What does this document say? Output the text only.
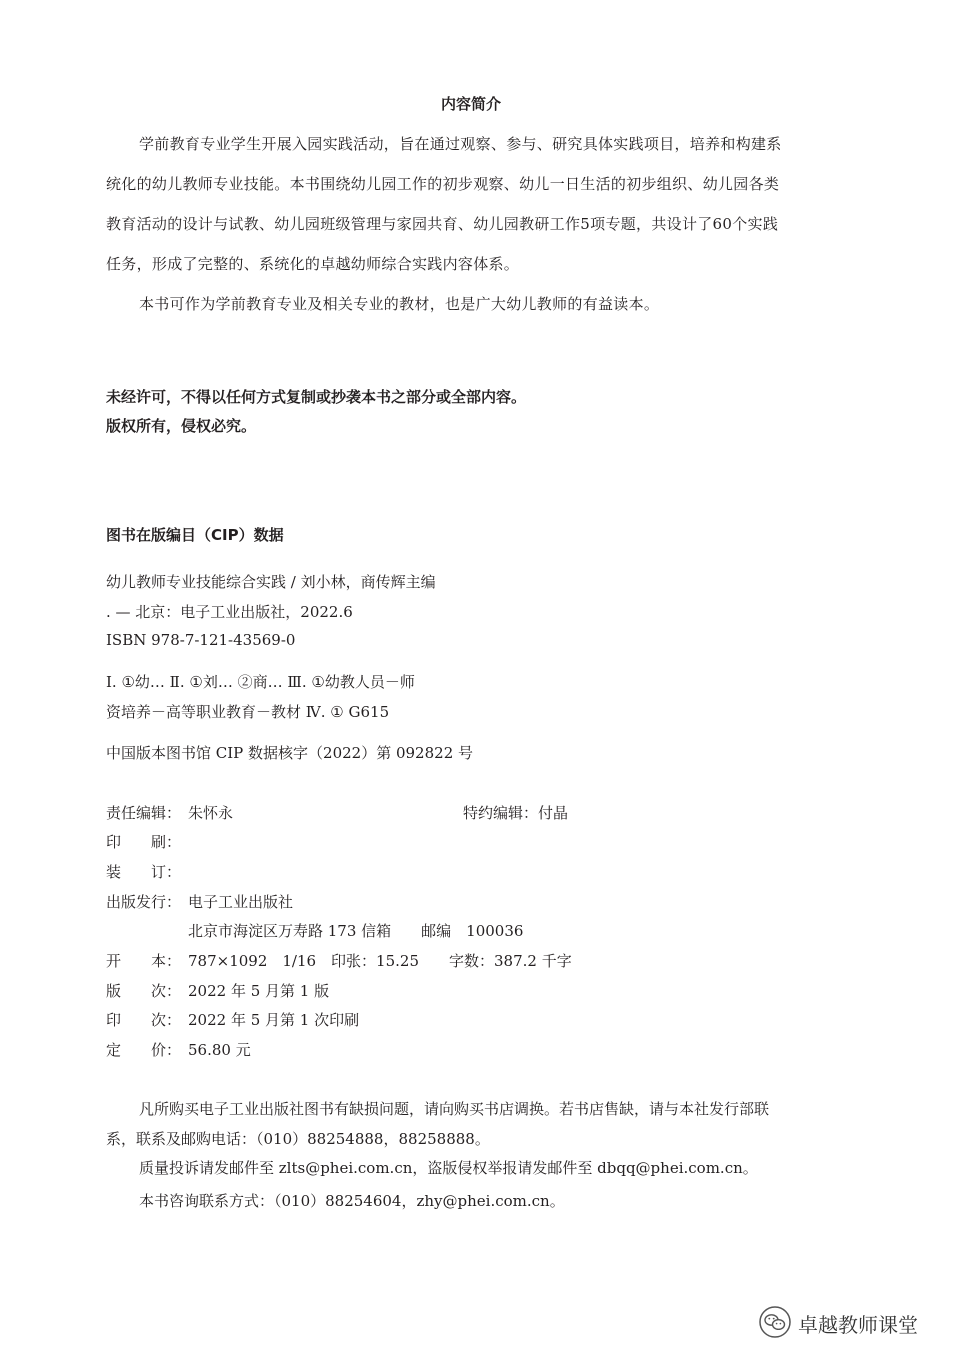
内容简介
学前教育专业学生开展入园实践活动，旨在通过观察、参与、研究具体实践项目，培养和构建系
统化的幼儿教师专业技能。本书围绕幼儿园工作的初步观察、幼儿一日生活的初步组织、幼儿园各类
教育活动的设计与试教、幼儿园班级管理与家园共育、幼儿园教研工作5项专题，共设计了60个实践
任务，形成了完整的、系统化的卓越幼师综合实践内容体系。
本书可作为学前教育专业及相关专业的教材，也是广大幼儿教师的有益读本。
未经许可，不得以任何方式复制或抄袭本书之部分或全部内容。
版权所有，侵权必究。
图书在版编目（CIP）数据
幼儿教师专业技能综合实践 / 刘小林，商传辉主编
. — 北京：电子工业出版社，2022.6
ISBN 978-7-121-43569-0
Ⅰ. ①幼… Ⅱ. ①刘… ②商… Ⅲ. ①幼教人员－师
资培养－高等职业教育－教材 Ⅳ. ① G615
中国版本图书馆 CIP 数据核字（2022）第 092822 号
责任编辑： 朱怀永	特约编辑：付晶
印　　刷：
装　　订：
出版发行： 电子工业出版社
北京市海淀区万寿路 173 信箱　　邮编　100036
开　　本： 787×1092　1/16　印张：15.25　　字数：387.2 千字
版　　次： 2022 年 5 月第 1 版
印　　次： 2022 年 5 月第 1 次印刷
定　　价： 56.80 元
凡所购买电子工业出版社图书有缺损问题，请向购买书店调换。若书店售缺，请与本社发行部联
系，联系及邮购电话：（010）88254888，88258888。
质量投诉请发邮件至 zlts@phei.com.cn，盗版侵权举报请发邮件至 dbqq@phei.com.cn。
本书咨询联系方式：（010）88254604，zhy@phei.com.cn。
卓越教师课堂
